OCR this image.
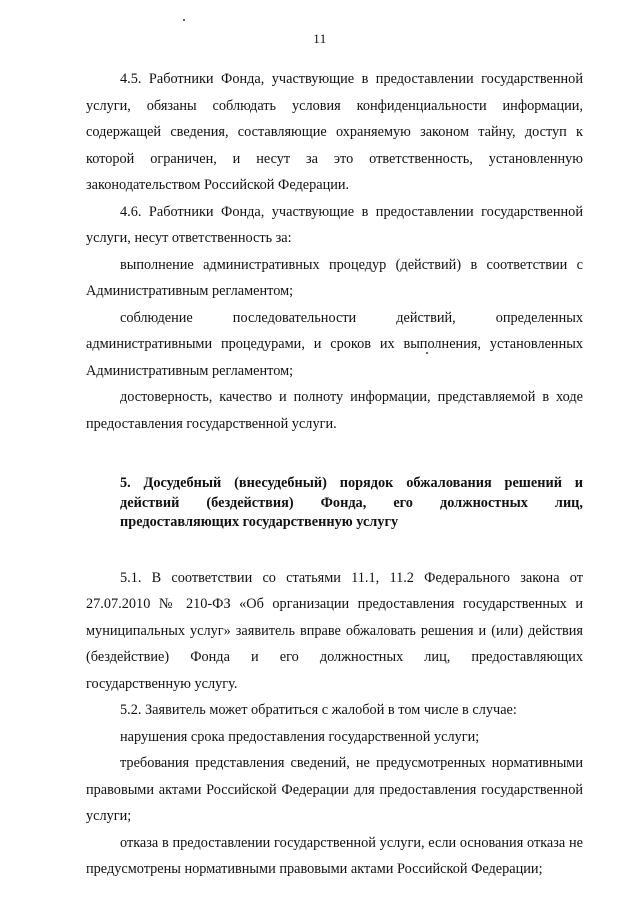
11

4.5. Работники Фонда, участвующие в предоставлении государственной услуги, обязаны соблюдать условия конфиденциальности информации, содержащей сведения, составляющие охраняемую законом тайну, доступ к которой ограничен, и несут за это ответственность, установленную законодательством Российской Федерации.

4.6. Работники Фонда, участвующие в предоставлении государственной услуги, несут ответственность за:

выполнение административных процедур (действий) в соответствии с Административным регламентом;

соблюдение последовательности действий, определенных административными процедурами, и сроков их выполнения, установленных Административным регламентом;

достоверность, качество и полноту информации, представляемой в ходе предоставления государственной услуги.

5. Досудебный (внесудебный) порядок обжалования решений и действий (бездействия) Фонда, его должностных лиц, предоставляющих государственную услугу

5.1. В соответствии со статьями 11.1, 11.2 Федерального закона от 27.07.2010 № 210-ФЗ «Об организации предоставления государственных и муниципальных услуг» заявитель вправе обжаловать решения и (или) действия (бездействие) Фонда и его должностных лиц, предоставляющих государственную услугу.

5.2. Заявитель может обратиться с жалобой в том числе в случае:

нарушения срока предоставления государственной услуги;

требования представления сведений, не предусмотренных нормативными правовыми актами Российской Федерации для предоставления государственной услуги;

отказа в предоставлении государственной услуги, если основания отказа не предусмотрены нормативными правовыми актами Российской Федерации;
